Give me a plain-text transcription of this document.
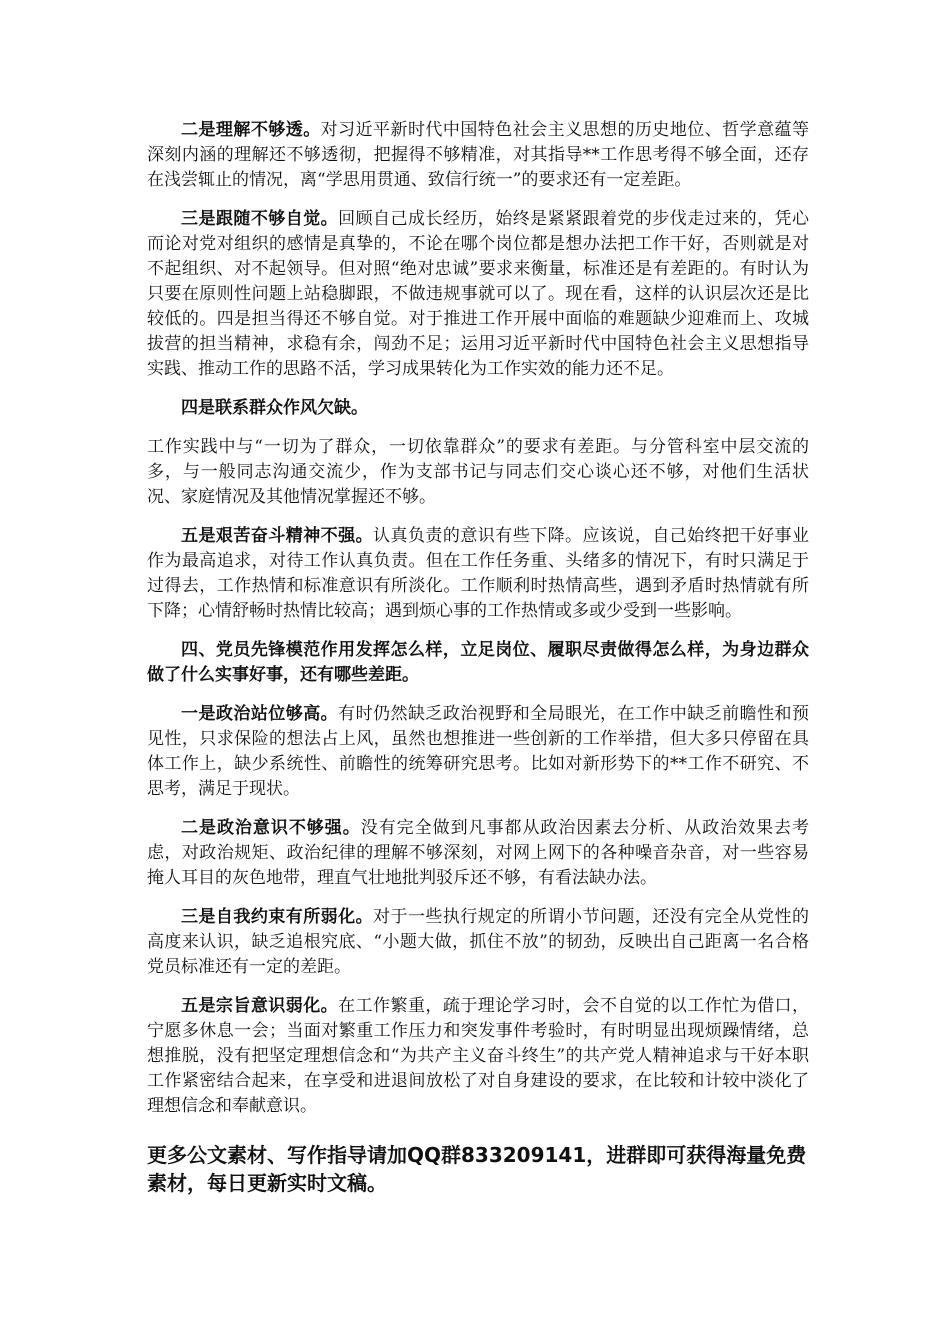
二是理解不够透。对习近平新时代中国特色社会主义思想的历史地位、哲学意蕴等深刻内涵的理解还不够透彻，把握得不够精准，对其指导**工作思考得不够全面，还存在浅尝辄止的情况，离“学思用贯通、致信行统一”的要求还有一定差距。

三是跟随不够自觉。回顾自己成长经历，始终是紧紧跟着党的步伐走过来的，凭心而论对党对组织的感情是真挚的，不论在哪个岗位都是想办法把工作干好，否则就是对不起组织、对不起领导。但对照“绝对忠诚”要求来衡量，标准还是有差距的。有时认为只要在原则性问题上站稳脚跟，不做违规事就可以了。现在看，这样的认识层次还是比较低的。四是担当得还不够自觉。对于推进工作开展中面临的难题缺少迎难而上、攻城拔营的担当精神，求稳有余，闯劲不足；运用习近平新时代中国特色社会主义思想指导实践、推动工作的思路不活，学习成果转化为工作实效的能力还不足。

四是联系群众作风欠缺。

工作实践中与“一切为了群众，一切依靠群众”的要求有差距。与分管科室中层交流的多，与一般同志沟通交流少，作为支部书记与同志们交心谈心还不够，对他们生活状况、家庭情况及其他情况掌握还不够。

五是艰苦奋斗精神不强。认真负责的意识有些下降。应该说，自己始终把干好事业作为最高追求，对待工作认真负责。但在工作任务重、头绪多的情况下，有时只满足于过得去，工作热情和标准意识有所淡化。工作顺利时热情高些，遇到矛盾时热情就有所下降；心情舒畅时热情比较高；遇到烦心事的工作热情或多或少受到一些影响。

四、党员先锋模范作用发挥怎么样，立足岗位、履职尽责做得怎么样，为身边群众做了什么实事好事，还有哪些差距。

一是政治站位够高。有时仍然缺乏政治视野和全局眼光，在工作中缺乏前瞻性和预见性，只求保险的想法占上风，虽然也想推进一些创新的工作举措，但大多只停留在具体工作上，缺少系统性、前瞻性的统筹研究思考。比如对新形势下的**工作不研究、不思考，满足于现状。

二是政治意识不够强。没有完全做到凡事都从政治因素去分析、从政治效果去考虑，对政治规矩、政治纪律的理解不够深刻，对网上网下的各种噪音杂音，对一些容易掩人耳目的灰色地带，理直气壮地批判驳斥还不够，有看法缺办法。

三是自我约束有所弱化。对于一些执行规定的所谓小节问题，还没有完全从党性的高度来认识，缺乏追根究底、“小题大做，抓住不放”的韧劲，反映出自己距离一名合格党员标准还有一定的差距。

五是宗旨意识弱化。在工作繁重，疏于理论学习时，会不自觉的以工作忙为借口，宁愿多休息一会；当面对繁重工作压力和突发事件考验时，有时明显出现烦躁情绪，总想推脱，没有把坚定理想信念和“为共产主义奋斗终生”的共产党人精神追求与干好本职工作紧密结合起来，在享受和进退间放松了对自身建设的要求，在比较和计较中淡化了理想信念和奉献意识。

更多公文素材、写作指导请加QQ群833209141，进群即可获得海量免费素材，每日更新实时文稿。
